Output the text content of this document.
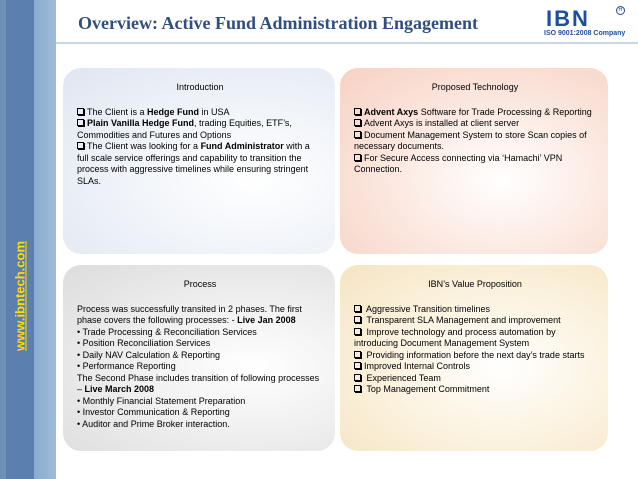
www.ibntech.com
Overview: Active Fund Administration Engagement	IBN	R
ISO 9001:2008 Company
Introduction
The Client is a Hedge Fund in USA
Plain Vanilla Hedge Fund, trading Equities, ETF’s, Commodities and Futures and Options
The Client was looking for a Fund Administrator with a full scale service offerings and capability to transition the process with aggressive timelines while ensuring stringent SLAs.
Proposed Technology
Advent Axys Software for Trade Processing & Reporting
Advent Axys is installed at client server
Document Management System to store Scan copies of necessary documents.
For Secure Access connecting via ‘Hamachi’ VPN Connection.
Process

Process was successfully transited in 2 phases. The first phase covers the following processes: - Live Jan 2008

• Trade Processing & Reconciliation Services

• Position Reconciliation Services

• Daily NAV Calculation & Reporting

• Performance Reporting

The Second Phase includes transition of following processes – Live March 2008

• Monthly Financial Statement Preparation

• Investor Communication & Reporting

• Auditor and Prime Broker interaction.

IBN’s Value Proposition
Aggressive Transition timelines
Transparent SLA Management and improvement
Improve technology and process automation by introducing Document Management System
Providing information before the next day’s trade starts
Improved Internal Controls
Experienced Team
Top Management Commitment
